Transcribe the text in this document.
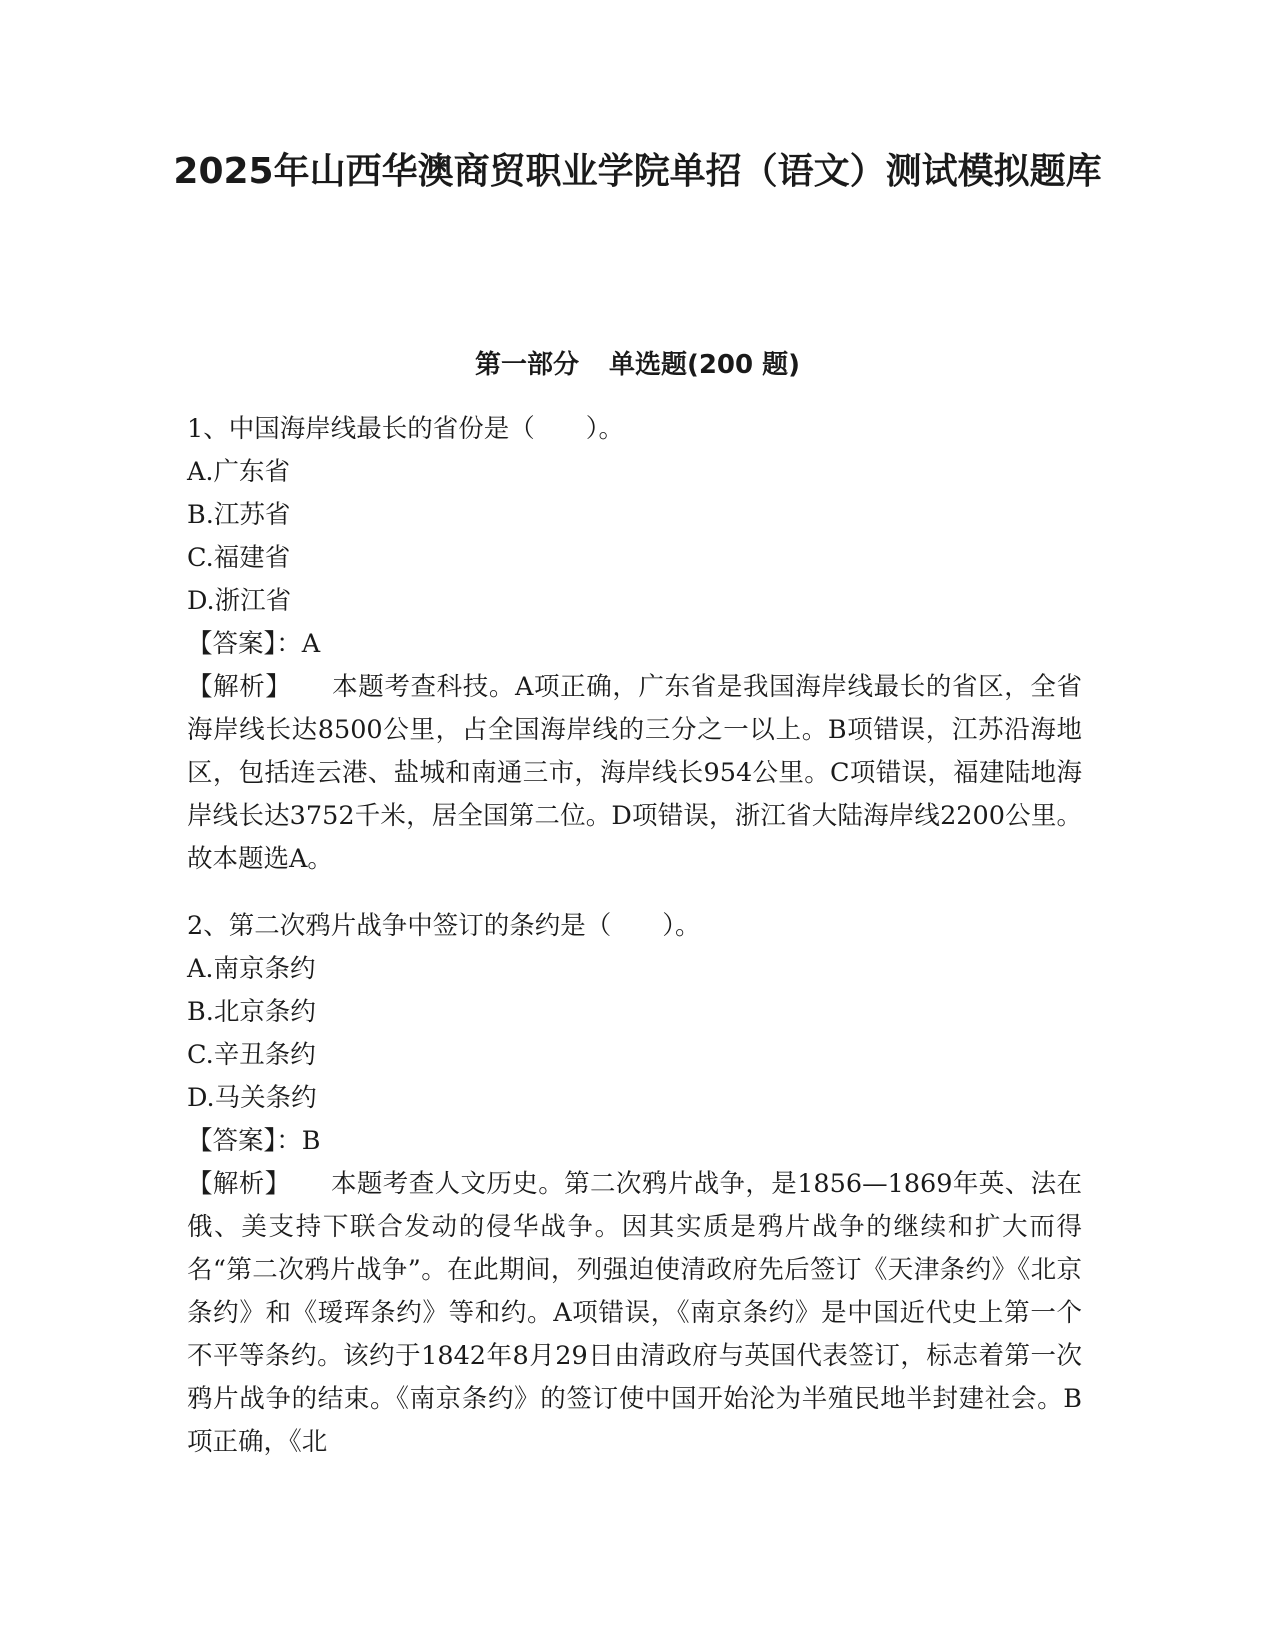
2025年山西华澳商贸职业学院单招（语文）测试模拟题库

第一部分 单选题(200 题)

1、中国海岸线最长的省份是（　　）。

A.广东省

B.江苏省

C.福建省

D.浙江省

【答案】：A

【解析】 本题考查科技。A项正确，广东省是我国海岸线最长的省区，全省海岸线长达8500公里，占全国海岸线的三分之一以上。B项错误，江苏沿海地区，包括连云港、盐城和南通三市，海岸线长954公里。C项错误，福建陆地海岸线长达3752千米，居全国第二位。D项错误，浙江省大陆海岸线2200公里。故本题选A。

2、第二次鸦片战争中签订的条约是（　　）。

A.南京条约

B.北京条约

C.辛丑条约

D.马关条约

【答案】：B

【解析】 本题考查人文历史。第二次鸦片战争，是1856—1869年英、法在俄、美支持下联合发动的侵华战争。因其实质是鸦片战争的继续和扩大而得名“第二次鸦片战争”。在此期间，列强迫使清政府先后签订《天津条约》《北京条约》和《瑷珲条约》等和约。A项错误，《南京条约》是中国近代史上第一个不平等条约。该约于1842年8月29日由清政府与英国代表签订，标志着第一次鸦片战争的结束。《南京条约》的签订使中国开始沦为半殖民地半封建社会。B项正确，《北
